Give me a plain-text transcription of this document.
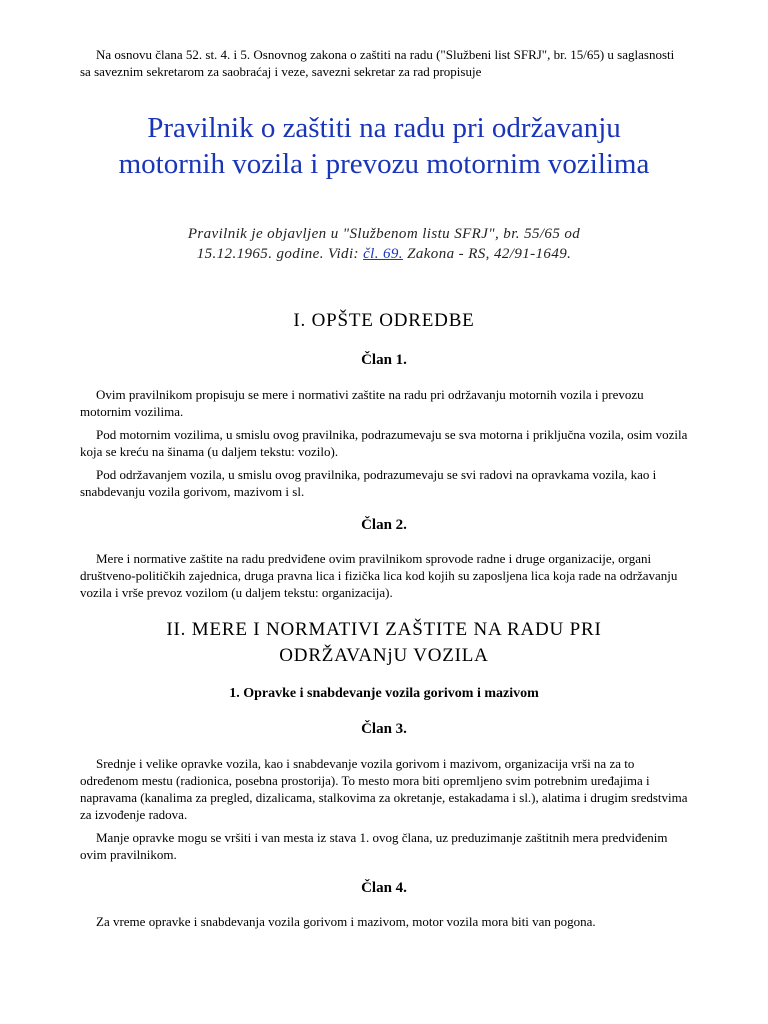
Na osnovu člana 52. st. 4. i 5. Osnovnog zakona o zaštiti na radu ("Službeni list SFRJ", br. 15/65) u saglasnosti sa saveznim sekretarom za saobraćaj i veze, savezni sekretar za rad propisuje

Pravilnik o zaštiti na radu pri održavanju
motornih vozila i prevozu motornim vozilima

Pravilnik je objavljen u "Službenom listu SFRJ", br. 55/65 od
15.12.1965. godine. Vidi: čl. 69. Zakona - RS, 42/91-1649.

I. OPŠTE ODREDBE

Član 1.

Ovim pravilnikom propisuju se mere i normativi zaštite na radu pri održavanju motornih vozila i prevozu motornim vozilima.

Pod motornim vozilima, u smislu ovog pravilnika, podrazumevaju se sva motorna i priključna vozila, osim vozila koja se kreću na šinama (u daljem tekstu: vozilo).

Pod održavanjem vozila, u smislu ovog pravilnika, podrazumevaju se svi radovi na opravkama vozila, kao i snabdevanju vozila gorivom, mazivom i sl.

Član 2.

Mere i normative zaštite na radu predviđene ovim pravilnikom sprovode radne i druge organizacije, organi društveno-političkih zajednica, druga pravna lica i fizička lica kod kojih su zaposljena lica koja rade na održavanju vozila i vrše prevoz vozilom (u daljem tekstu: organizacija).

II. MERE I NORMATIVI ZAŠTITE NA RADU PRI
ODRŽAVANjU VOZILA

1. Opravke i snabdevanje vozila gorivom i mazivom

Član 3.

Srednje i velike opravke vozila, kao i snabdevanje vozila gorivom i mazivom, organizacija vrši na za to određenom mestu (radionica, posebna prostorija). To mesto mora biti opremljeno svim potrebnim uređajima i napravama (kanalima za pregled, dizalicama, stalkovima za okretanje, estakadama i sl.), alatima i drugim sredstvima za izvođenje radova.

Manje opravke mogu se vršiti i van mesta iz stava 1. ovog člana, uz preduzimanje zaštitnih mera predviđenim ovim pravilnikom.

Član 4.

Za vreme opravke i snabdevanja vozila gorivom i mazivom, motor vozila mora biti van pogona.
